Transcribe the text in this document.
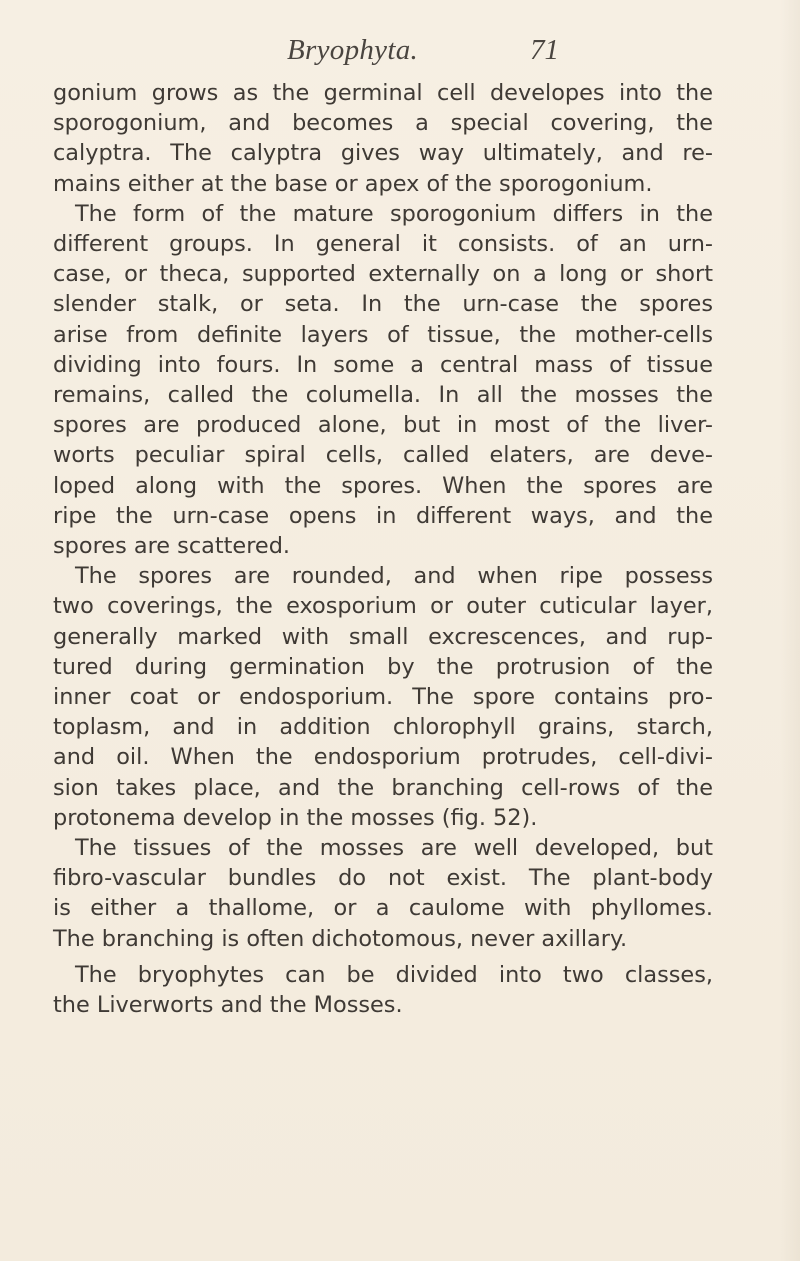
Bryophyta.	71

gonium grows as the germinal cell developes into the
sporogonium, and becomes a special covering, the
calyptra. The calyptra gives way ultimately, and re-
mains either at the base or apex of the sporogonium.

The form of the mature sporogonium differs in the
different groups. In general it consists. of an urn-
case, or theca, supported externally on a long or short
slender stalk, or seta. In the urn-case the spores
arise from definite layers of tissue, the mother-cells
dividing into fours. In some a central mass of tissue
remains, called the columella. In all the mosses the
spores are produced alone, but in most of the liver-
worts peculiar spiral cells, called elaters, are deve-
loped along with the spores. When the spores are
ripe the urn-case opens in different ways, and the
spores are scattered.

The spores are rounded, and when ripe possess
two coverings, the exosporium or outer cuticular layer,
generally marked with small excrescences, and rup-
tured during germination by the protrusion of the
inner coat or endosporium. The spore contains pro-
toplasm, and in addition chlorophyll grains, starch,
and oil. When the endosporium protrudes, cell-divi-
sion takes place, and the branching cell-rows of the
protonema develop in the mosses (fig. 52).

The tissues of the mosses are well developed, but
fibro-vascular bundles do not exist. The plant-body
is either a thallome, or a caulome with phyllomes.
The branching is often dichotomous, never axillary.

The bryophytes can be divided into two classes,
the Liverworts and the Mosses.
